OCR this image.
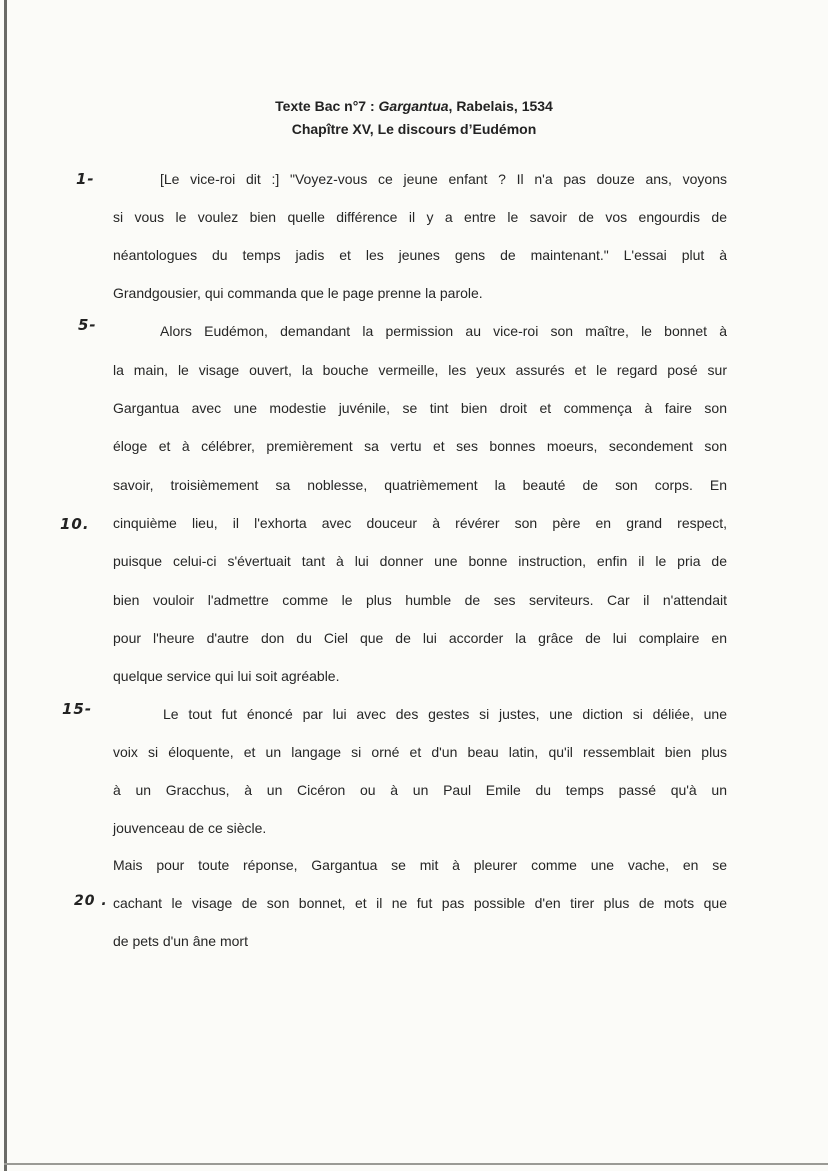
Texte Bac n°7 : Gargantua, Rabelais, 1534
Chapître XV, Le discours d’Eudémon
1-
5-
10.
15-
20 .
[Le vice-roi dit :] "Voyez-vous ce jeune enfant ? Il n'a pas douze ans, voyons
si vous le voulez bien quelle différence il y a entre le savoir de vos engourdis de
néantologues du temps jadis et les jeunes gens de maintenant." L'essai plut à
Grandgousier, qui commanda que le page prenne la parole.
Alors Eudémon, demandant la permission au vice-roi son maître, le bonnet à
la main, le visage ouvert, la bouche vermeille, les yeux assurés et le regard posé sur
Gargantua avec une modestie juvénile, se tint bien droit et commença à faire son
éloge et à célébrer, premièrement sa vertu et ses bonnes moeurs, secondement son
savoir, troisièmement sa noblesse, quatrièmement la beauté de son corps. En
cinquième lieu, il l'exhorta avec douceur à révérer son père en grand respect,
puisque celui-ci s'évertuait tant à lui donner une bonne instruction, enfin il le pria de
bien vouloir l'admettre comme le plus humble de ses serviteurs. Car il n'attendait
pour l'heure d'autre don du Ciel que de lui accorder la grâce de lui complaire en
quelque service qui lui soit agréable.
Le tout fut énoncé par lui avec des gestes si justes, une diction si déliée, une
voix si éloquente, et un langage si orné et d'un beau latin, qu'il ressemblait bien plus
à un Gracchus, à un Cicéron ou à un Paul Emile du temps passé qu'à un
jouvenceau de ce siècle.
Mais pour toute réponse, Gargantua se mit à pleurer comme une vache, en se
cachant le visage de son bonnet, et il ne fut pas possible d'en tirer plus de mots que
de pets d'un âne mort
